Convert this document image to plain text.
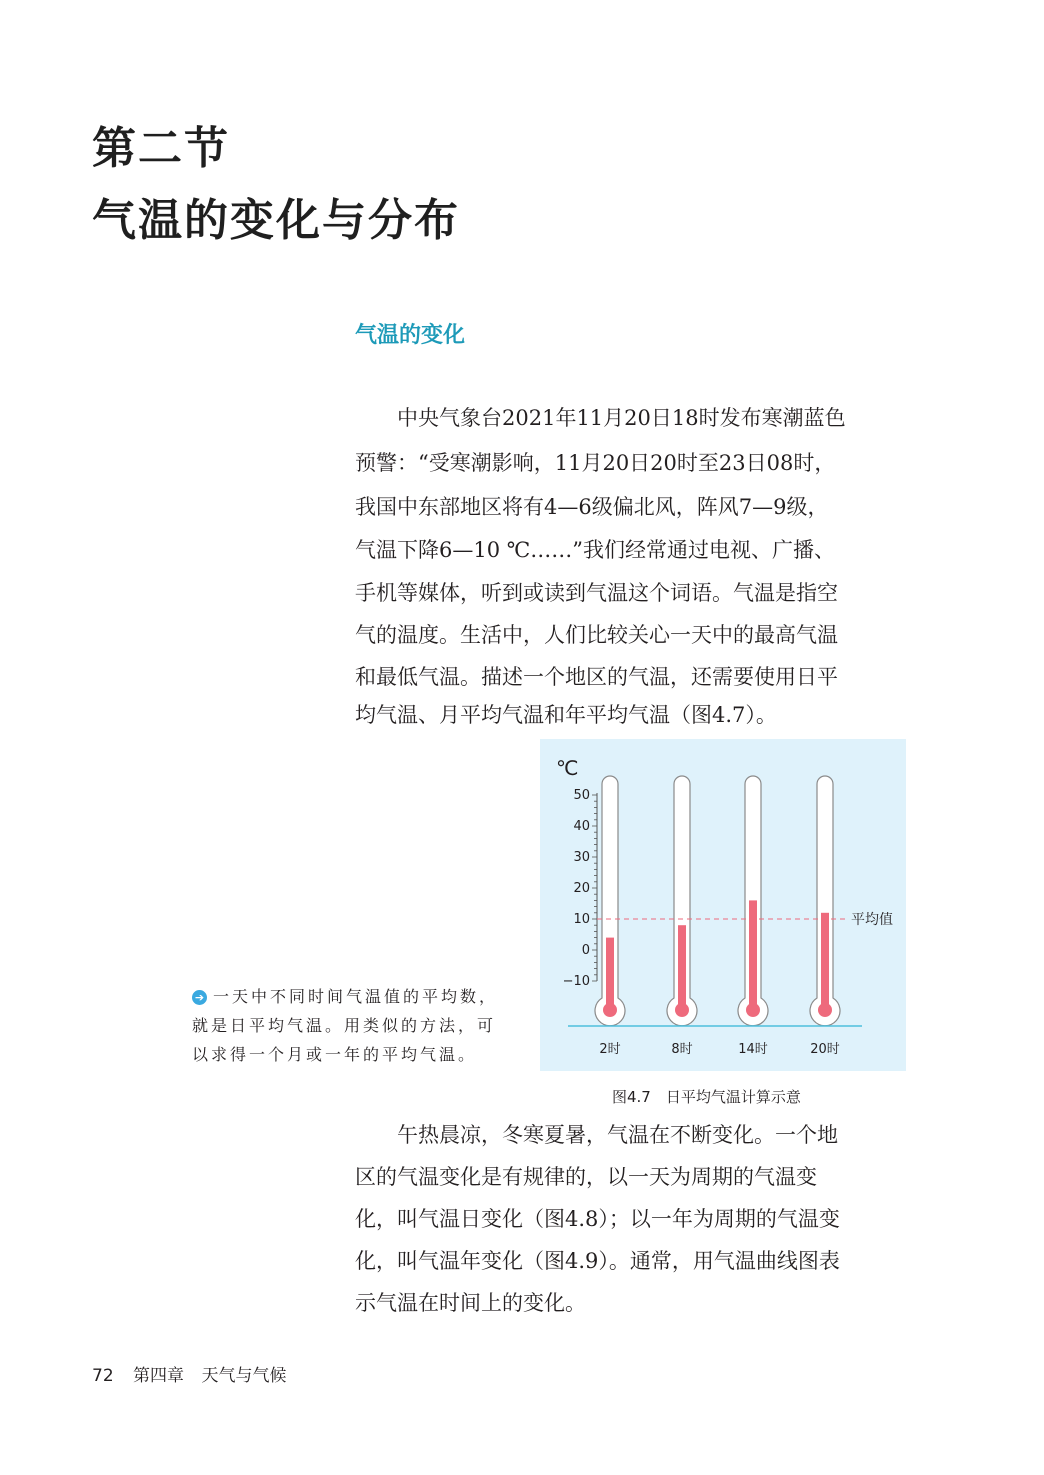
第二节
气温的变化与分布
气温的变化
　　中央气象台2021年11月20日18时发布寒潮蓝色
预警：“受寒潮影响，11月20日20时至23日08时，
我国中东部地区将有4—6级偏北风，阵风7—9级，
气温下降6—10 ℃……”我们经常通过电视、广播、
手机等媒体，听到或读到气温这个词语。气温是指空
气的温度。生活中，人们比较关心一天中的最高气温
和最低气温。描述一个地区的气温，还需要使用日平
均气温、月平均气温和年平均气温（图4.7）。
➔ 一天中不同时间气温值的平均数，
就是日平均气温。用类似的方法，可
以求得一个月或一年的平均气温。
℃
50
40
30
20
10
0
−10
平均值
2时	8时	14时	20时
图4.7　日平均气温计算示意
　　午热晨凉，冬寒夏暑，气温在不断变化。一个地
区的气温变化是有规律的，以一天为周期的气温变
化，叫气温日变化（图4.8）；以一年为周期的气温变
化，叫气温年变化（图4.9）。通常，用气温曲线图表
示气温在时间上的变化。
72 第四章 天气与气候
